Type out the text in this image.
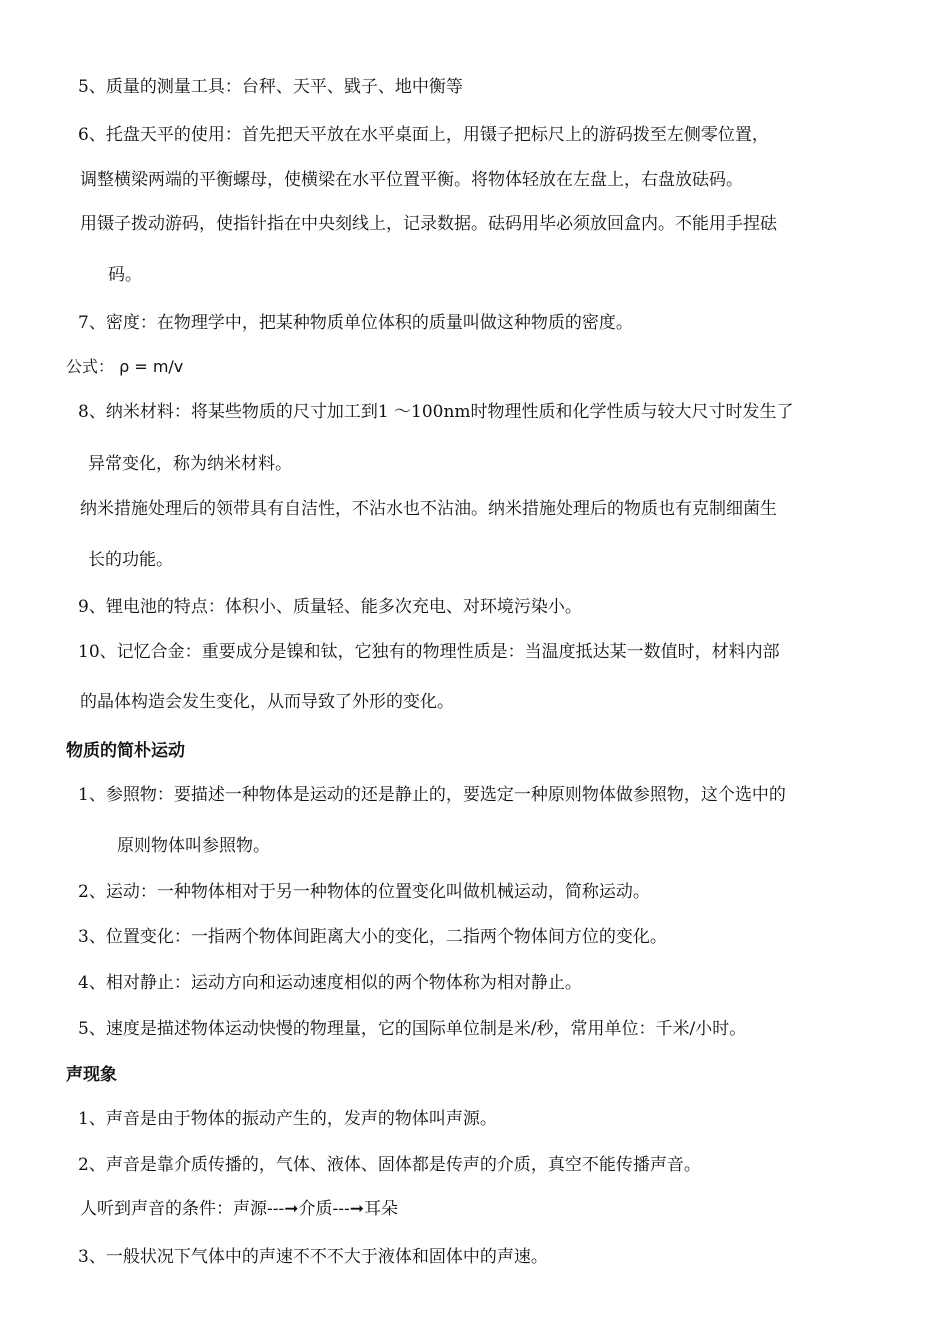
5、质量的测量工具：台秤、天平、戥子、地中衡等

6、托盘天平的使用：首先把天平放在水平桌面上，用镊子把标尺上的游码拨至左侧零位置，

调整横梁两端的平衡螺母，使横梁在水平位置平衡。将物体轻放在左盘上，右盘放砝码。

用镊子拨动游码，使指针指在中央刻线上，记录数据。砝码用毕必须放回盒内。不能用手捏砝

码。

7、密度：在物理学中，把某种物质单位体积的质量叫做这种物质的密度。

公式： ρ = m/v

8、纳米材料：将某些物质的尺寸加工到1 ～100nm时物理性质和化学性质与较大尺寸时发生了

异常变化，称为纳米材料。

纳米措施处理后的领带具有自洁性，不沾水也不沾油。纳米措施处理后的物质也有克制细菌生

长的功能。

9、锂电池的特点：体积小、质量轻、能多次充电、对环境污染小。

10、记忆合金：重要成分是镍和钛，它独有的物理性质是：当温度抵达某一数值时，材料内部

的晶体构造会发生变化，从而导致了外形的变化。

物质的简朴运动

1、参照物：要描述一种物体是运动的还是静止的，要选定一种原则物体做参照物，这个选中的

原则物体叫参照物。

2、运动：一种物体相对于另一种物体的位置变化叫做机械运动，简称运动。

3、位置变化：一指两个物体间距离大小的变化，二指两个物体间方位的变化。

4、相对静止：运动方向和运动速度相似的两个物体称为相对静止。

5、速度是描述物体运动快慢的物理量，它的国际单位制是米/秒，常用单位：千米/小时。

声现象

1、声音是由于物体的振动产生的，发声的物体叫声源。

2、声音是靠介质传播的，气体、液体、固体都是传声的介质，真空不能传播声音。

人听到声音的条件：声源---➞介质---➞耳朵

3、一般状况下气体中的声速不不不大于液体和固体中的声速。
